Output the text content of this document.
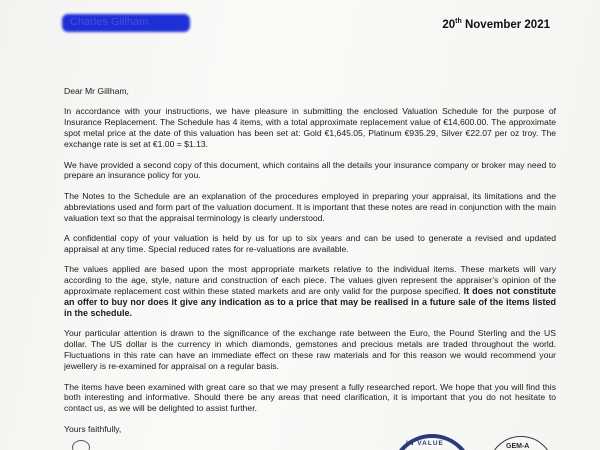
Charles Gillham	20th November 2021

Dear Mr Gillham,

In accordance with your instructions, we have pleasure in submitting the enclosed Valuation Schedule for the purpose of Insurance Replacement. The Schedule has 4 items, with a total approximate replacement value of €14,600.00. The approximate spot metal price at the date of this valuation has been set at: Gold €1,645.05, Platinum €935.29, Silver €22.07 per oz troy. The exchange rate is set at €1.00 = $1.13.

We have provided a second copy of this document, which contains all the details your insurance company or broker may need to prepare an insurance policy for you.

The Notes to the Schedule are an explanation of the procedures employed in preparing your appraisal, its limitations and the abbreviations used and form part of the valuation document. It is important that these notes are read in conjunction with the main valuation text so that the appraisal terminology is clearly understood.

A confidential copy of your valuation is held by us for up to six years and can be used to generate a revised and updated appraisal at any time. Special reduced rates for re-valuations are available.

The values applied are based upon the most appropriate markets relative to the individual items. These markets will vary according to the age, style, nature and construction of each piece. The values given represent the appraiser’s opinion of the approximate replacement cost within these stated markets and are only valid for the purpose specified. It does not constitute an offer to buy nor does it give any indication as to a price that may be realised in a future sale of the items listed in the schedule.

Your particular attention is drawn to the significance of the exchange rate between the Euro, the Pound Sterling and the US dollar. The US dollar is the currency in which diamonds, gemstones and precious metals are traded throughout the world. Fluctuations in this rate can have an immediate effect on these raw materials and for this reason we would recommend your jewellery is re-examined for appraisal on a regular basis.

The items have been examined with great care so that we may present a fully researched report. We hope that you will find this both interesting and informative. Should there be any areas that need clarification, it is important that you do not hesitate to contact us, as we will be delighted to assist further.

Yours faithfully,
IN VALUE	GEM-A
